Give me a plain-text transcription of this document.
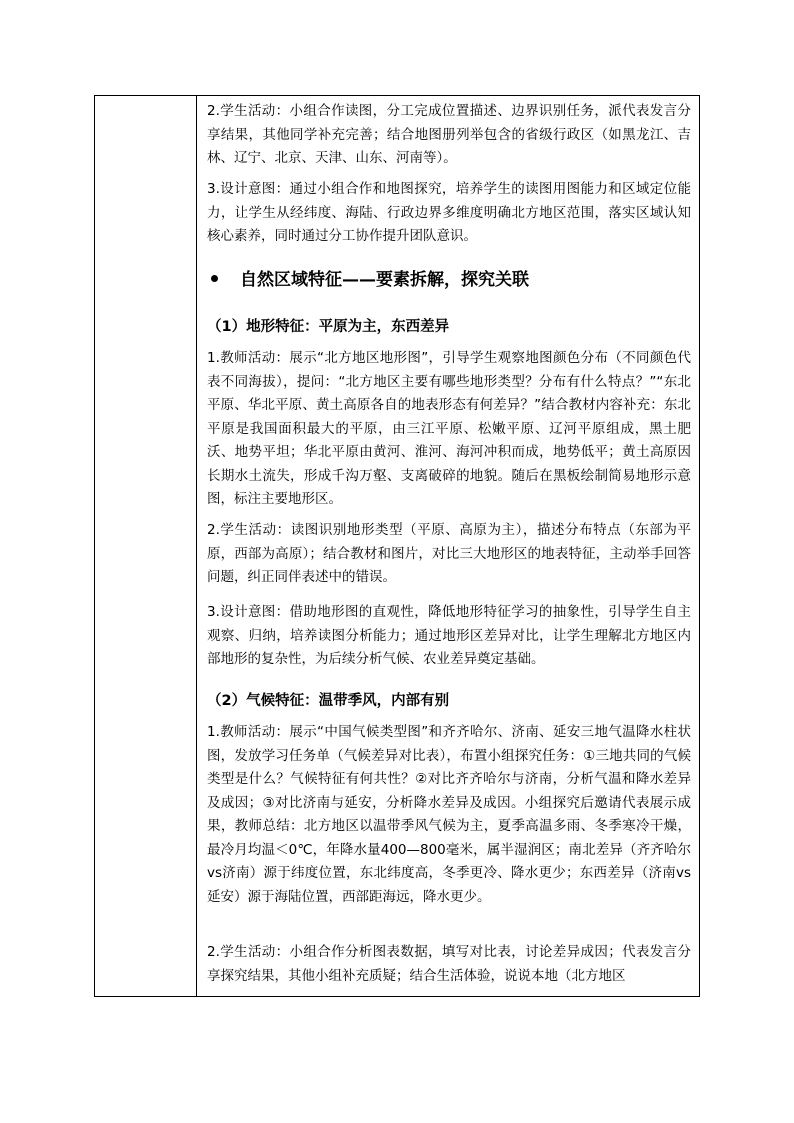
2.学生活动：小组合作读图，分工完成位置描述、边界识别任务，派代表发言分享结果，其他同学补充完善；结合地图册列举包含的省级行政区（如黑龙江、吉林、辽宁、北京、天津、山东、河南等）。

3.设计意图：通过小组合作和地图探究，培养学生的读图用图能力和区域定位能力，让学生从经纬度、海陆、行政边界多维度明确北方地区范围，落实区域认知核心素养，同时通过分工协作提升团队意识。

自然区域特征——要素拆解，探究关联
（1）地形特征：平原为主，东西差异

1.教师活动：展示“北方地区地形图”，引导学生观察地图颜色分布（不同颜色代表不同海拔），提问：“北方地区主要有哪些地形类型？分布有什么特点？”“东北平原、华北平原、黄土高原各自的地表形态有何差异？”结合教材内容补充：东北平原是我国面积最大的平原，由三江平原、松嫩平原、辽河平原组成，黑土肥沃、地势平坦；华北平原由黄河、淮河、海河冲积而成，地势低平；黄土高原因长期水土流失，形成千沟万壑、支离破碎的地貌。随后在黑板绘制简易地形示意图，标注主要地形区。

2.学生活动：读图识别地形类型（平原、高原为主），描述分布特点（东部为平原，西部为高原）；结合教材和图片，对比三大地形区的地表特征，主动举手回答问题，纠正同伴表述中的错误。

3.设计意图：借助地形图的直观性，降低地形特征学习的抽象性，引导学生自主观察、归纳，培养读图分析能力；通过地形区差异对比，让学生理解北方地区内部地形的复杂性，为后续分析气候、农业差异奠定基础。

（2）气候特征：温带季风，内部有别

1.教师活动：展示“中国气候类型图”和齐齐哈尔、济南、延安三地气温降水柱状图，发放学习任务单（气候差异对比表），布置小组探究任务：①三地共同的气候类型是什么？气候特征有何共性？②对比齐齐哈尔与济南，分析气温和降水差异及成因；③对比济南与延安，分析降水差异及成因。小组探究后邀请代表展示成果，教师总结：北方地区以温带季风气候为主，夏季高温多雨、冬季寒冷干燥，最冷月均温＜0℃，年降水量400—800毫米，属半湿润区；南北差异（齐齐哈尔vs济南）源于纬度位置，东北纬度高，冬季更冷、降水更少；东西差异（济南vs延安）源于海陆位置，西部距海远，降水更少。

2.学生活动：小组合作分析图表数据，填写对比表，讨论差异成因；代表发言分享探究结果，其他小组补充质疑；结合生活体验，说说本地（北方地区
